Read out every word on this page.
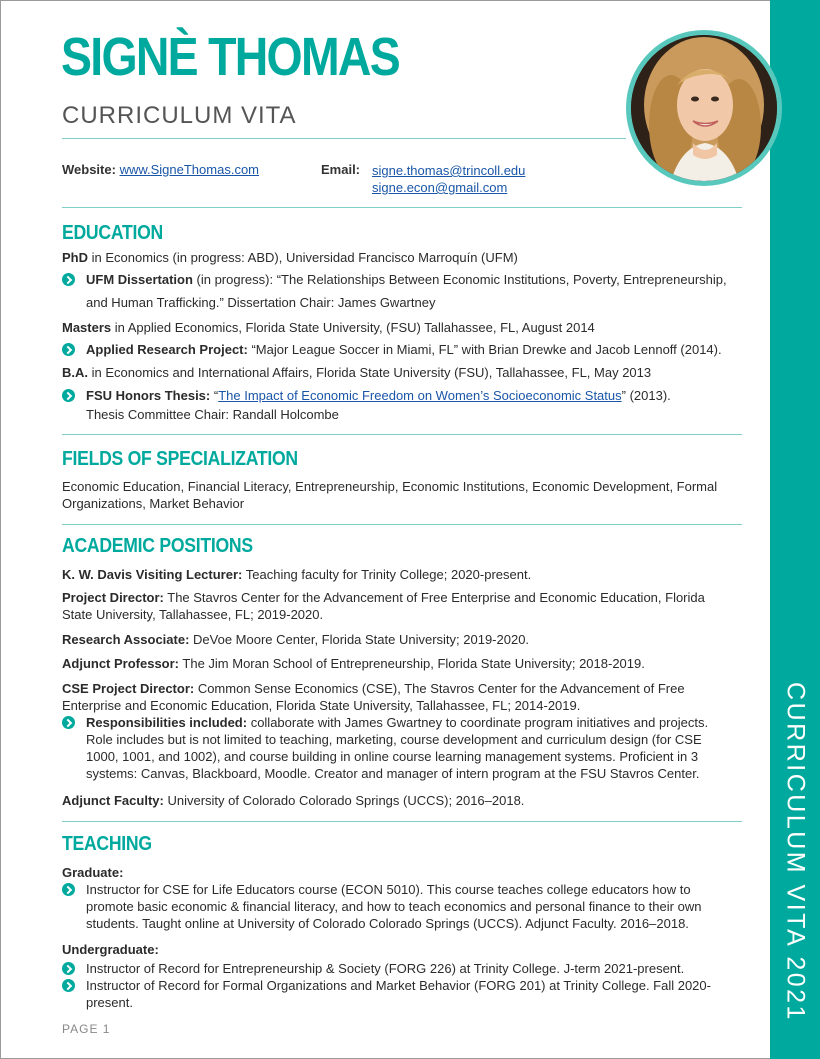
CURRICULUM VITA 2021
SIGNÈ THOMAS
CURRICULUM VITA
Website: www.SigneThomas.com	Email: signe.thomas@trincoll.edu
signe.econ@gmail.com
EDUCATION
PhD in Economics (in progress: ABD), Universidad Francisco Marroquín (UFM)
UFM Dissertation (in progress): “The Relationships Between Economic Institutions, Poverty, Entrepreneurship,
and Human Trafficking.” Dissertation Chair: James Gwartney
Masters in Applied Economics, Florida State University, (FSU) Tallahassee, FL, August 2014
Applied Research Project: “Major League Soccer in Miami, FL” with Brian Drewke and Jacob Lennoff (2014).
B.A. in Economics and International Affairs, Florida State University (FSU), Tallahassee, FL, May 2013
FSU Honors Thesis: “The Impact of Economic Freedom on Women’s Socioeconomic Status” (2013).
Thesis Committee Chair: Randall Holcombe
FIELDS OF SPECIALIZATION
Economic Education, Financial Literacy, Entrepreneurship, Economic Institutions, Economic Development, Formal Organizations, Market Behavior
ACADEMIC POSITIONS
K. W. Davis Visiting Lecturer: Teaching faculty for Trinity College; 2020-present.
Project Director: The Stavros Center for the Advancement of Free Enterprise and Economic Education, Florida State University, Tallahassee, FL; 2019-2020.
Research Associate: DeVoe Moore Center, Florida State University; 2019-2020.
Adjunct Professor: The Jim Moran School of Entrepreneurship, Florida State University; 2018-2019.
CSE Project Director: Common Sense Economics (CSE), The Stavros Center for the Advancement of Free Enterprise and Economic Education, Florida State University, Tallahassee, FL; 2014-2019.
Responsibilities included: collaborate with James Gwartney to coordinate program initiatives and projects. Role includes but is not limited to teaching, marketing, course development and curriculum design (for CSE 1000, 1001, and 1002), and course building in online course learning management systems. Proficient in 3 systems: Canvas, Blackboard, Moodle. Creator and manager of intern program at the FSU Stavros Center.
Adjunct Faculty: University of Colorado Colorado Springs (UCCS); 2016–2018.
TEACHING
Graduate:
Instructor for CSE for Life Educators course (ECON 5010). This course teaches college educators how to promote basic economic & financial literacy, and how to teach economics and personal finance to their own students. Taught online at University of Colorado Colorado Springs (UCCS). Adjunct Faculty. 2016–2018.
Undergraduate:
Instructor of Record for Entrepreneurship & Society (FORG 226) at Trinity College. J-term 2021-present.
Instructor of Record for Formal Organizations and Market Behavior (FORG 201) at Trinity College. Fall 2020-present.
PAGE 1
